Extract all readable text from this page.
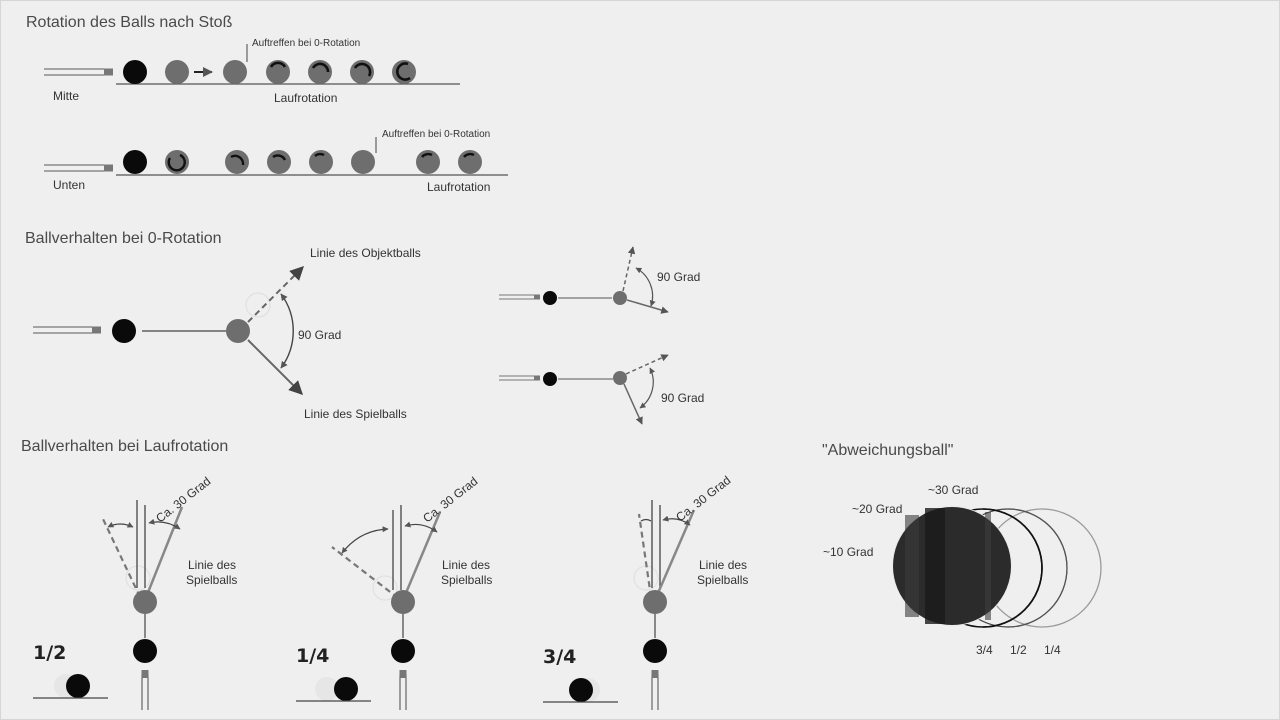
Rotation des Balls nach Stoß
Mitte
Auftreffen bei 0-Rotation
Laufrotation
Unten
Auftreffen bei 0-Rotation
Laufrotation
Ballverhalten bei 0-Rotation
Linie des Objektballs
90 Grad
Linie des Spielballs
90 Grad
90 Grad
Ballverhalten bei Laufrotation
Ca. 30 Grad
Linie des
Spielballs
1/2
Ca. 30 Grad
Linie des
Spielballs
1/4
Ca. 30 Grad
Linie des
Spielballs
3/4
"Abweichungsball"
~30 Grad
~20 Grad
~10 Grad
3/4 1/2 1/4
